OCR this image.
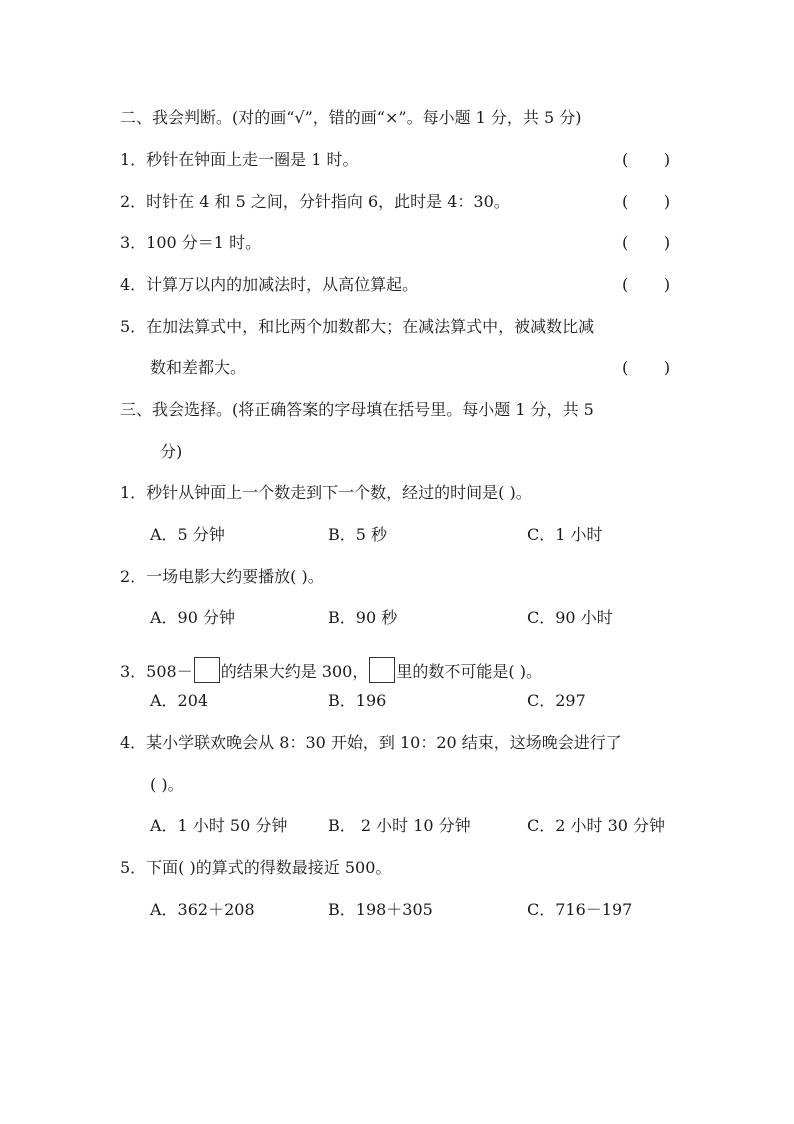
二、我会判断。(对的画“√”，错的画“×”。每小题 1 分，共 5 分)
1．秒针在钟面上走一圈是 1 时。	(       )
2．时针在 4 和 5 之间，分针指向 6，此时是 4：30。	(       )
3．100 分＝1 时。	(       )
4．计算万以内的加减法时，从高位算起。	(       )
5．在加法算式中，和比两个加数都大；在减法算式中，被减数比减
数和差都大。	(       )
三、我会选择。(将正确答案的字母填在括号里。每小题 1 分，共 5
分)
1．秒针从钟面上一个数走到下一个数，经过的时间是( )。
A．5 分钟	B．5 秒	C．1 小时
2．一场电影大约要播放( )。
A．90 分钟	B．90 秒	C．90 小时
3．508－ 的结果大约是 300， 里的数不可能是( )。
A．204	B．196	C．297
4．某小学联欢晚会从 8：30 开始，到 10：20 结束，这场晚会进行了
( )。
A．1 小时 50 分钟	B． 2 小时 10 分钟	C．2 小时 30 分钟
5．下面( )的算式的得数最接近 500。
A．362＋208	B．198＋305	C．716－197
